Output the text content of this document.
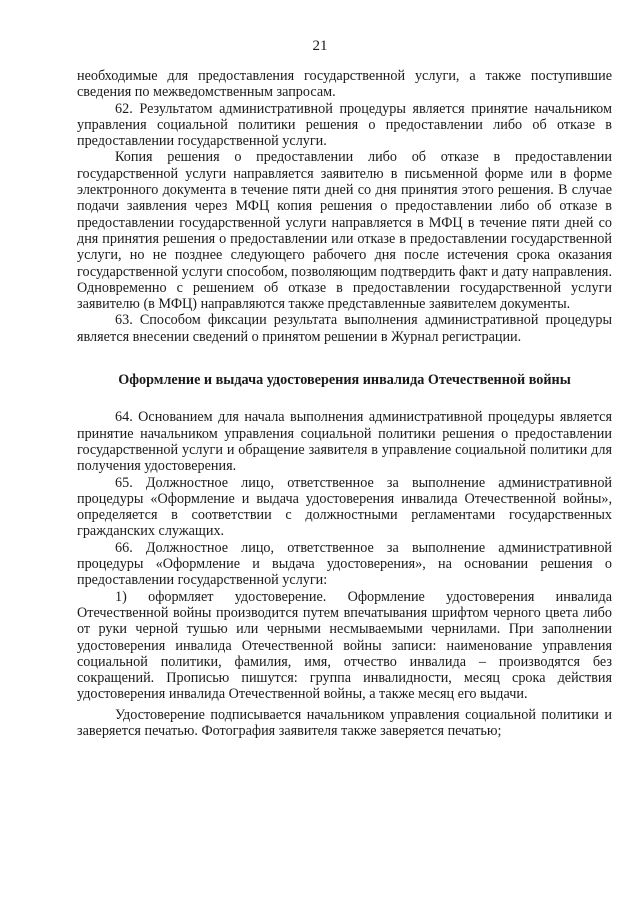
21

необходимые для предоставления государственной услуги, а также поступившие сведения по межведомственным запросам.

62. Результатом административной процедуры является принятие начальником управления социальной политики решения о предоставлении либо об отказе в предоставлении государственной услуги.

Копия решения о предоставлении либо об отказе в предоставлении государственной услуги направляется заявителю в письменной форме или в форме электронного документа в течение пяти дней со дня принятия этого решения. В случае подачи заявления через МФЦ копия решения о предоставлении либо об отказе в предоставлении государственной услуги направляется в МФЦ в течение пяти дней со дня принятия решения о предоставлении или отказе в предоставлении государственной услуги, но не позднее следующего рабочего дня после истечения срока оказания государственной услуги способом, позволяющим подтвердить факт и дату направления. Одновременно с решением об отказе в предоставлении государственной услуги заявителю (в МФЦ) направляются также представленные заявителем документы.

63. Способом фиксации результата выполнения административной процедуры является внесении сведений о принятом решении в Журнал регистрации.

Оформление и выдача удостоверения инвалида Отечественной войны

64. Основанием для начала выполнения административной процедуры является принятие начальником управления социальной политики решения о предоставлении государственной услуги и обращение заявителя в управление социальной политики для получения удостоверения.

65. Должностное лицо, ответственное за выполнение административной процедуры «Оформление и выдача удостоверения инвалида Отечественной войны», определяется в соответствии с должностными регламентами государственных гражданских служащих.

66. Должностное лицо, ответственное за выполнение административной процедуры «Оформление и выдача удостоверения», на основании решения о предоставлении государственной услуги:

1) оформляет удостоверение. Оформление удостоверения инвалида Отечественной войны производится путем впечатывания шрифтом черного цвета либо от руки черной тушью или черными несмываемыми чернилами. При заполнении удостоверения инвалида Отечественной войны записи: наименование управления социальной политики, фамилия, имя, отчество инвалида – производятся без сокращений. Прописью пишутся: группа инвалидности, месяц срока действия удостоверения инвалида Отечественной войны, а также месяц его выдачи.

Удостоверение подписывается начальником управления социальной политики и заверяется печатью. Фотография заявителя также заверяется печатью;
